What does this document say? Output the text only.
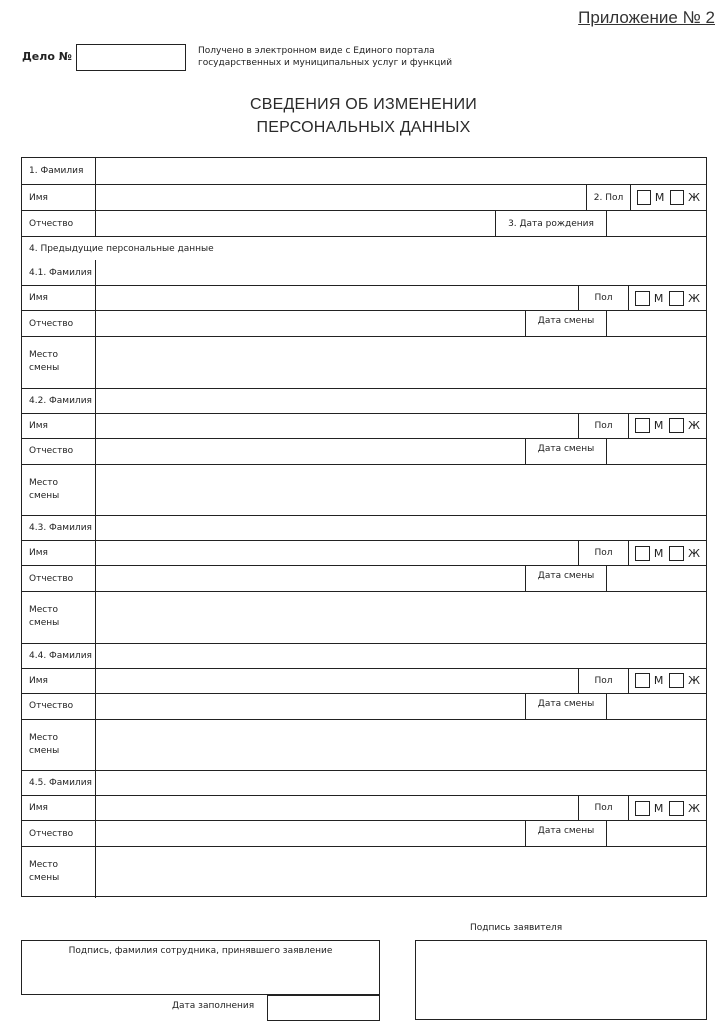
Приложение № 2
Дело №	Получено в электронном виде с Единого портала государственных и муниципальных услуг и функций
СВЕДЕНИЯ ОБ ИЗМЕНЕНИИ
ПЕРСОНАЛЬНЫХ ДАННЫХ
1. Фамилия
Имя	2. Пол	М Ж
Отчество	3. Дата рождения
4. Предыдущие персональные данные
4.1. Фамилия
Имя	Пол	М Ж
Отчество	Дата смены
Место
смены
4.2. Фамилия
Имя	Пол	М Ж
Отчество	Дата смены
Место
смены
4.3. Фамилия
Имя	Пол	М Ж
Отчество	Дата смены
Место
смены
4.4. Фамилия
Имя	Пол	М Ж
Отчество	Дата смены
Место
смены
4.5. Фамилия
Имя	Пол	М Ж
Отчество	Дата смены
Место
смены
Подпись заявителя
Подпись, фамилия сотрудника, принявшего заявление
Дата заполнения
